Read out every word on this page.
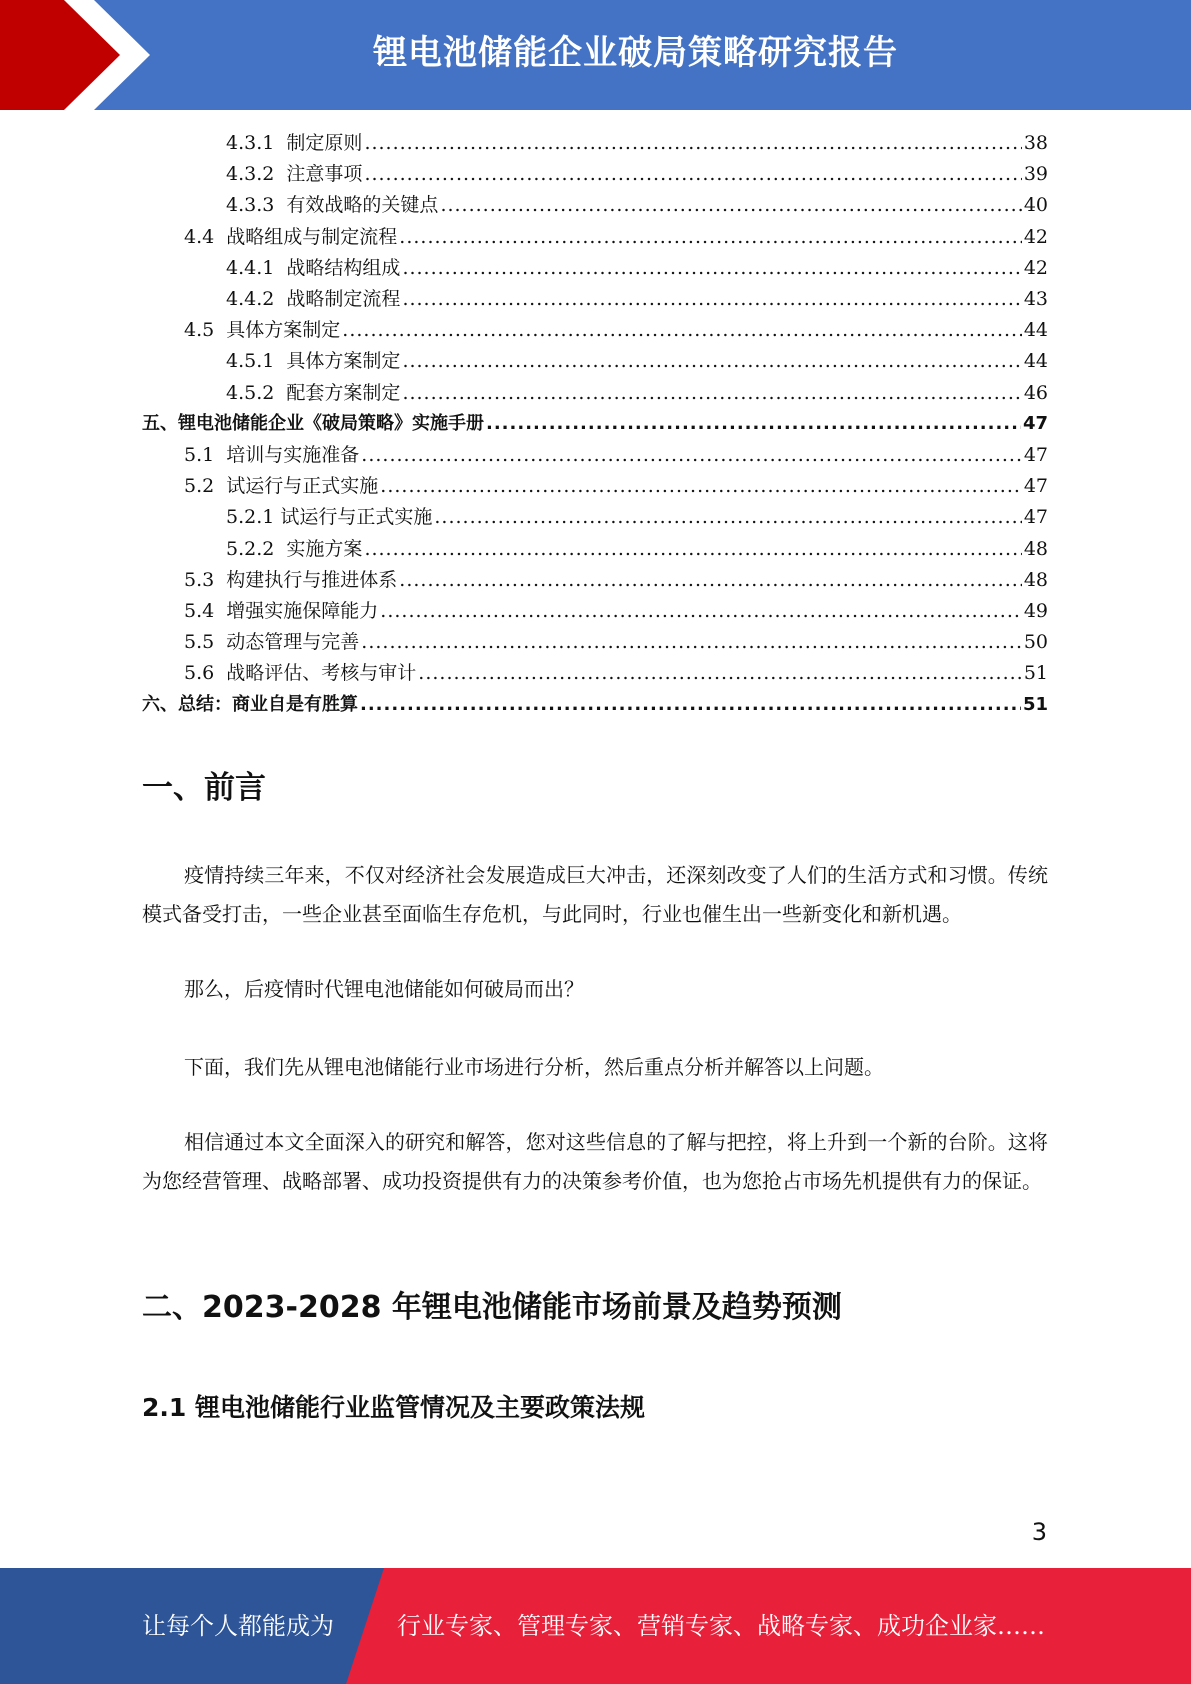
锂电池储能企业破局策略研究报告
4.3.1  制定原则 .....	38
4.3.2  注意事项 .....	39
4.3.3  有效战略的关键点 .....	40
4.4  战略组成与制定流程 .....	42
4.4.1  战略结构组成 .....	42
4.4.2  战略制定流程 .....	43
4.5  具体方案制定 .....	44
4.5.1  具体方案制定 .....	44
4.5.2  配套方案制定 .....	46
五、锂电池储能企业《破局策略》实施手册 .....	47
5.1  培训与实施准备 .....	47
5.2  试运行与正式实施 .....	47
5.2.1 试运行与正式实施 .....	47
5.2.2  实施方案 .....	48
5.3  构建执行与推进体系 .....	48
5.4  增强实施保障能力 .....	49
5.5  动态管理与完善 .....	50
5.6  战略评估、考核与审计 .....	51
六、总结：商业自是有胜算 .....	51
一、前言
疫情持续三年来，不仅对经济社会发展造成巨大冲击，还深刻改变了人们的生活方式和习惯。传统模式备受打击，一些企业甚至面临生存危机，与此同时，行业也催生出一些新变化和新机遇。
那么，后疫情时代锂电池储能如何破局而出？
下面，我们先从锂电池储能行业市场进行分析，然后重点分析并解答以上问题。
相信通过本文全面深入的研究和解答，您对这些信息的了解与把控，将上升到一个新的台阶。这将为您经营管理、战略部署、成功投资提供有力的决策参考价值，也为您抢占市场先机提供有力的保证。
二、2023-2028 年锂电池储能市场前景及趋势预测
2.1 锂电池储能行业监管情况及主要政策法规
3
让每个人都能成为	行业专家、管理专家、营销专家、战略专家、成功企业家……
